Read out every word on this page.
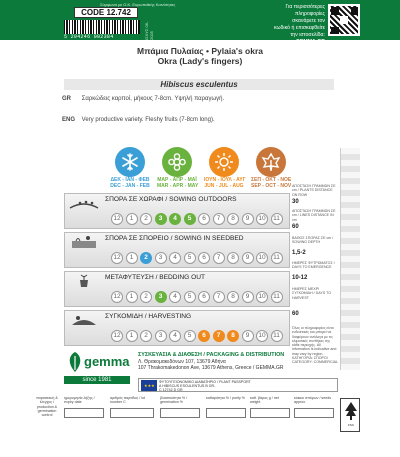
Σύμφωνα με Ο.Κ. Ευρωπαϊκής Κοινότητας
CODE 12.742
5 204246 002384	ΙΣΧΥΣ 06-2025
Για περισσότερες
πληροφορίες
σκανάρετε τον
κωδικό ή επισκεφθείτε
την ιστοσελίδα:
GEMMA.GR
Μπάμια Πυλαίας • Pylaia's okra
Okra (Lady's fingers)
Hibiscus esculentus
GR Σαρκώδεις καρποί, μήκους 7-8cm. Υψηλή παραγωγή.
ENG Very productive variety. Fleshy fruits (7-8cm long).
ΔΕΚ - ΙΑΝ - ΦΕΒ
DEC - JAN - FEB
ΜΑΡ - ΑΠΡ - ΜΑΪ
MAR - APR - MAY
ΙΟΥΝ - ΙΟΥΛ - ΑΥΓ
JUN - JUL - AUG
ΣΕΠ - ΟΚΤ - ΝΟΕ
SEP - OCT - NOV
ΣΠΟΡΑ ΣΕ ΧΩΡΑΦΙ / SOWING OUTDOORS
12	1	2	3	4	5	6	7	8	9	10	11
ΣΠΟΡΑ ΣΕ ΣΠΟΡΕΙΟ / SOWING IN SEEDBED
12	1	2	3	4	5	6	7	8	9	10	11
ΜΕΤΑΦΥΤΕΥΣΗ / BEDDING OUT
12	1	2	3	4	5	6	7	8	9	10	11
ΣΥΓΚΟΜΙΔΗ / HARVESTING
12	1	2	3	4	5	6	7	8	9	10	11
ΑΠΟΣΤΑΣΗ ΓΡΑΜΜΩΝ ΣΕ cm / PLANTS DISTANCE ON ROW
30
ΑΠΟΣΤΑΣΗ ΓΡΑΜΜΩΝ ΣΕ cm / LINES DISTANCE IN cm
60
ΒΑΘΟΣ ΣΠΟΡΑΣ ΣΕ cm / SOWING DEPTH
1,5-2
ΗΜΕΡΕΣ ΦΥΤΡΩΜΑΤΟΣ / DAYS TO EMERGENCE
10-12
ΗΜΕΡΕΣ ΜΕΧΡΙ ΣΥΓΚΟΜΙΔΗ / DAYS TO HARVEST
60
Όλες οι πληροφορίες είναι ενδεικτικές και μπορεί να διαφέρουν ανάλογα με τις κλιματικές συνθήκες της κάθε περιοχής. All information is indicative and may vary by region. ΚΑΤΗΓΟΡΙΑ: ΣΠΟΡΟΙ CATEGORY: COMMERCIAL
gemma
since 1981
ΣΥΣΚΕΥΑΣΙΑ & ΔΙΑΘΕΣΗ / PACKAGING & DISTRIBUTION
Λ. Θρακομακεδόνων 107, 13679 Αθήνα
107 Thrakomakedonon Ave, 13679 Athens, Greece / GEMMA.GR
★★★
ΦΥΤΟΥΓΕΙΟΝΟΜΙΚΟ ΔΙΑΒΑΤΗΡΙΟ / PLANT PASSPORT
A HIBISCUS ESCULENTUS B GR-
C 12742 D GR
παρασκευή & έλεγχος / production & germination control
ημερομηνία λήξης / expiry date
αριθμός παρτίδας / lot number C
βλαστικότητα % / germination %
καθαρότητα % / purity % καθ. βάρος g / net weight
κόκκοι σπόρων / seeds approx.
FSC
